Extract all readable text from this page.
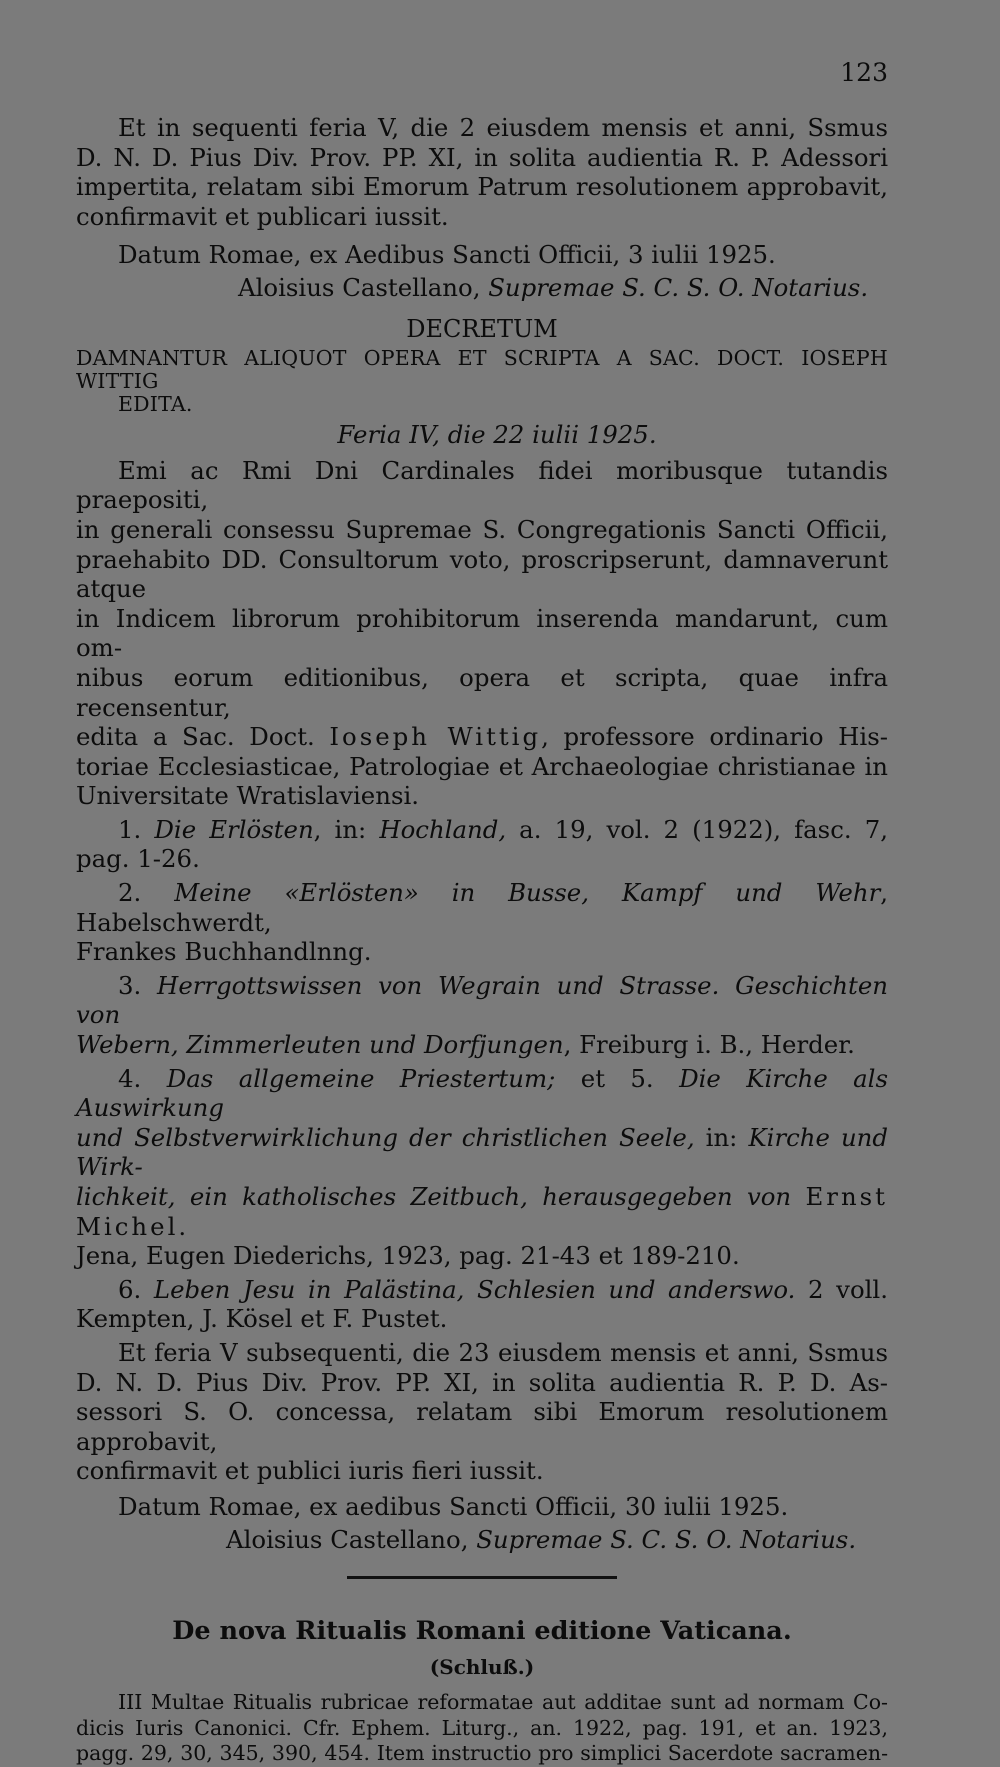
123

Et in sequenti feria V, die 2 eiusdem mensis et anni, Ssmus

D. N. D. Pius Div. Prov. PP. XI, in solita audientia R. P. Adessori

impertita, relatam sibi Emorum Patrum resolutionem approbavit,

confirmavit et publicari iussit.

Datum Romae, ex Aedibus Sancti Officii, 3 iulii 1925.

Aloisius Castellano, Supremae S. C. S. O. Notarius.

DECRETUM

DAMNANTUR ALIQUOT OPERA ET SCRIPTA A SAC. DOCT. IOSEPH WITTIG

EDITA.

Feria IV, die 22 iulii 1925.

Emi ac Rmi Dni Cardinales fidei moribusque tutandis praepositi,

in generali consessu Supremae S. Congregationis Sancti Officii,

praehabito DD. Consultorum voto, proscripserunt, damnaverunt atque

in Indicem librorum prohibitorum inserenda mandarunt, cum om-

nibus eorum editionibus, opera et scripta, quae infra recensentur,

edita a Sac. Doct. Ioseph Wittig, professore ordinario His-

toriae Ecclesiasticae, Patrologiae et Archaeologiae christianae in

Universitate Wratislaviensi.

1. Die Erlösten, in: Hochland, a. 19, vol. 2 (1922), fasc. 7,

pag. 1-26.

2. Meine «Erlösten» in Busse, Kampf und Wehr, Habelschwerdt,

Frankes Buchhandlnng.

3. Herrgottswissen von Wegrain und Strasse. Geschichten von

Webern, Zimmerleuten und Dorfjungen, Freiburg i. B., Herder.

4. Das allgemeine Priestertum; et 5. Die Kirche als Auswirkung

und Selbstverwirklichung der christlichen Seele, in: Kirche und Wirk-

lichkeit, ein katholisches Zeitbuch, herausgegeben von Ernst Michel.

Jena, Eugen Diederichs, 1923, pag. 21-43 et 189-210.

6. Leben Jesu in Palästina, Schlesien und anderswo. 2 voll.

Kempten, J. Kösel et F. Pustet.

Et feria V subsequenti, die 23 eiusdem mensis et anni, Ssmus

D. N. D. Pius Div. Prov. PP. XI, in solita audientia R. P. D. As-

sessori S. O. concessa, relatam sibi Emorum resolutionem approbavit,

confirmavit et publici iuris fieri iussit.

Datum Romae, ex aedibus Sancti Officii, 30 iulii 1925.

Aloisius Castellano, Supremae S. C. S. O. Notarius.

De nova Ritualis Romani editione Vaticana.
(Schluß.)

III Multae Ritualis rubricae reformatae aut additae sunt ad normam Co-

dicis Iuris Canonici. Cfr. Ephem. Liturg., an. 1922, pag. 191, et an. 1923,

pagg. 29, 30, 345, 390, 454. Item instructio pro simplici Sacerdote sacramen-
